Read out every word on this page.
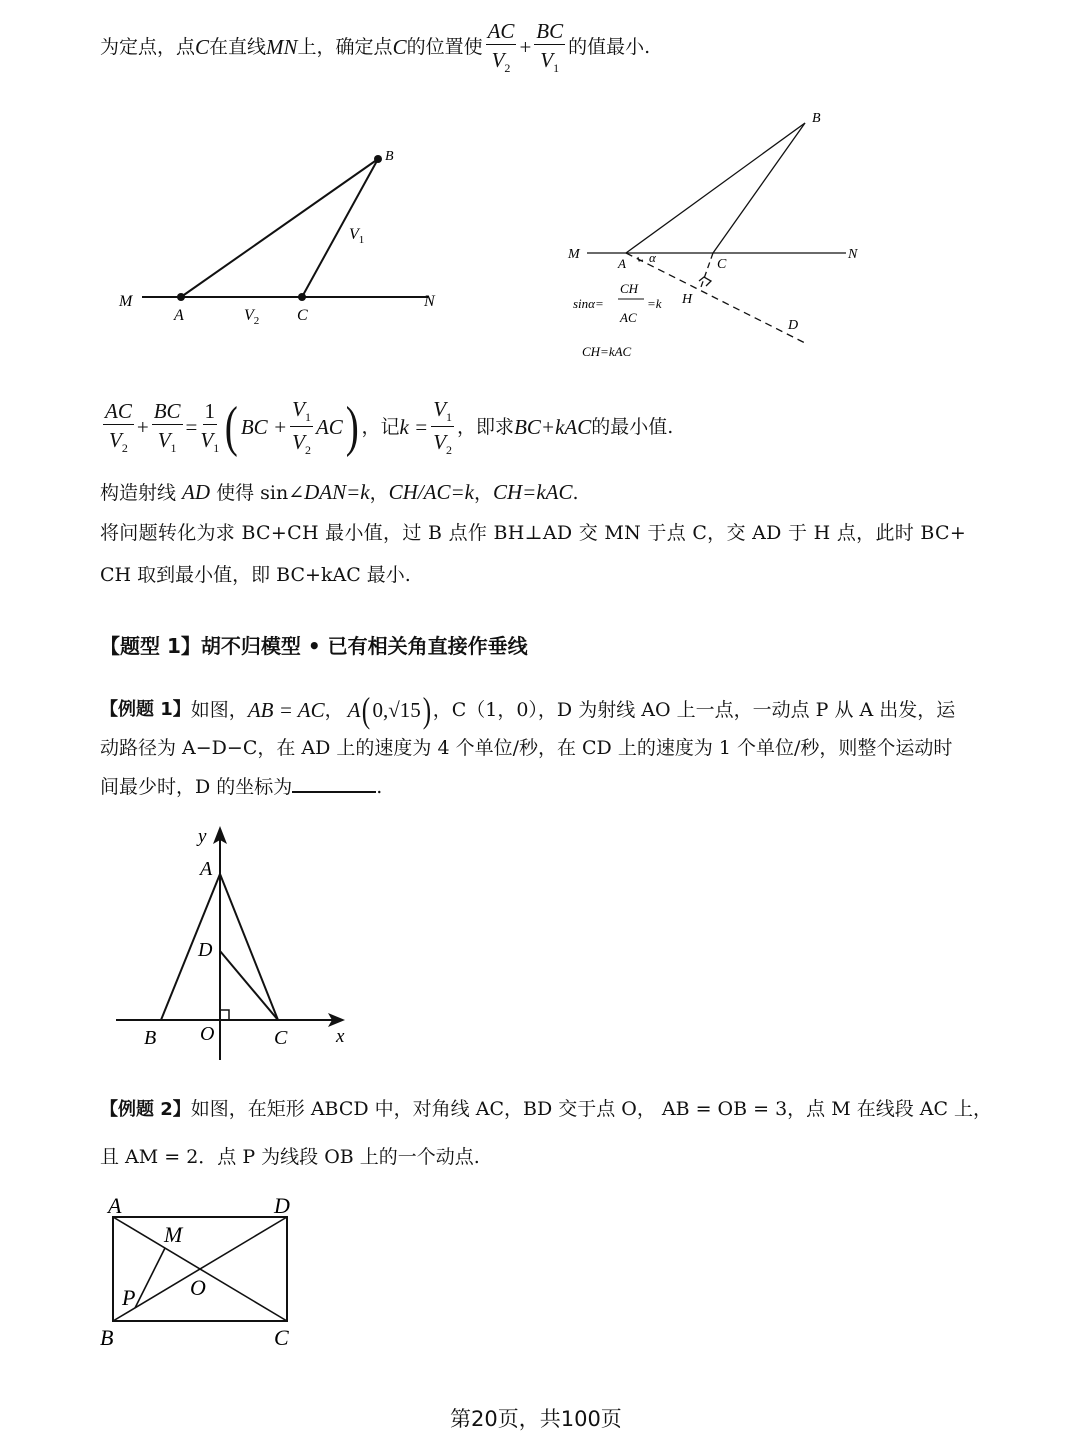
为定点，点 C 在直线 MN 上，确定点 C 的位置使 $\frac{AC}{V_2} + \frac{BC}{V_1}$ 的值最小.
M
A	$V_2$ C
N
B
$V_1$
M
A α	C
N
B
H
D
sinα=
CH
AC
=k
CH=kAC
$\frac{AC}{V_2} + \frac{BC}{V_1} = \frac{1}{V_1}$ ( BC + $\frac{V_1}{V_2}$ AC ) ，记 $k = \frac{V_1}{V_2}$ ，即求 BC+kAC 的最小值.
构造射线 AD 使得 sin∠DAN=k，CH/AC=k，CH=kAC.
将问题转化为求 BC+CH 最小值，过 B 点作 BH⊥AD 交 MN 于点 C，交 AD 于 H 点，此时 BC+
CH 取到最小值，即 BC+kAC 最小.
【题型 1】胡不归模型 • 已有相关角直接作垂线
【例题 1】 如图， AB = AC ， A ( 0,√15 ) ，C（1，0），D 为射线 AO 上一点，一动点 P 从 A 出发，运
动路径为 A−D−C，在 AD 上的速度为 4 个单位/秒，在 CD 上的速度为 1 个单位/秒，则整个运动时
间最少时，D 的坐标为	.
y
A
D
B O	C	x
【例题 2】如图，在矩形 ABCD 中，对角线 AC，BD 交于点 O， AB = OB = 3，点 M 在线段 AC 上，
且 AM = 2．点 P 为线段 OB 上的一个动点.
A	D
M
O
P
B	C
第20页，共100页
